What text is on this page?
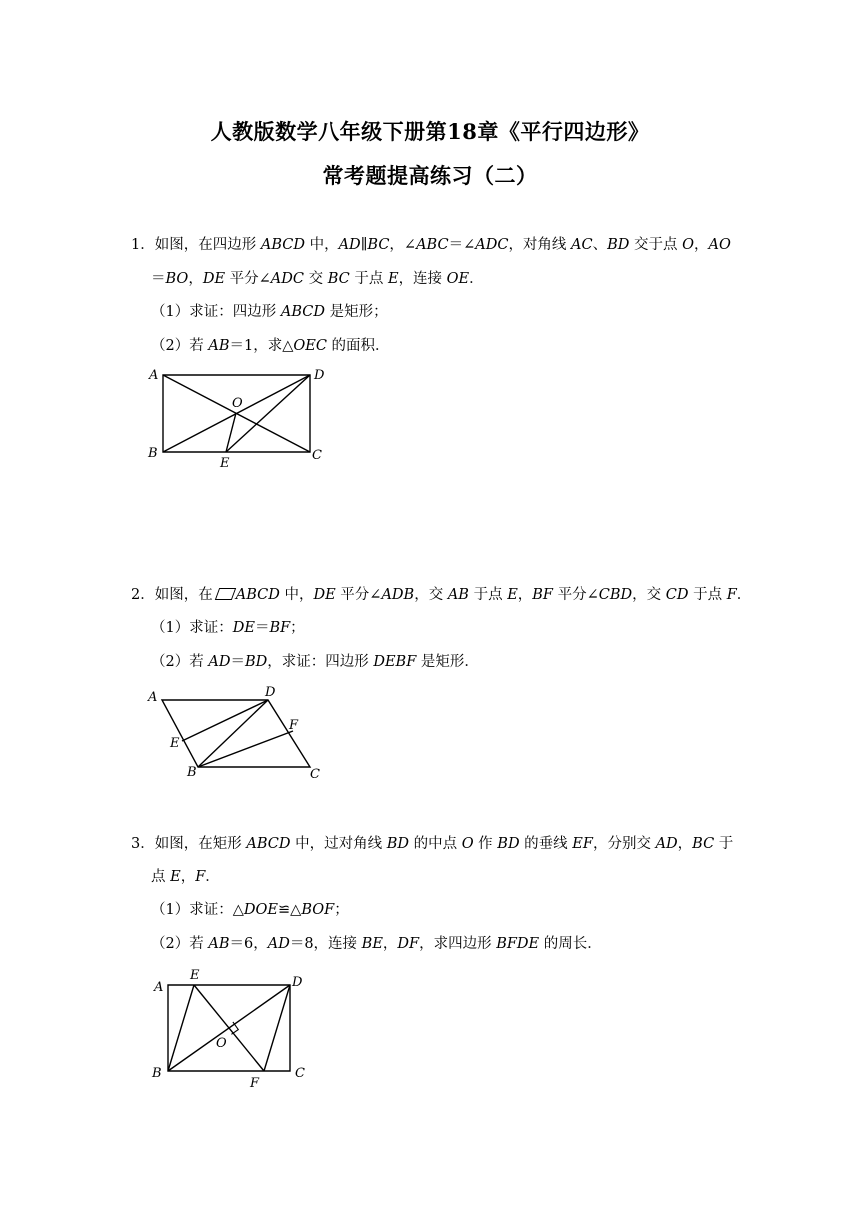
人教版数学八年级下册第18章《平行四边形》
常考题提高练习（二）
1．如图，在四边形 ABCD 中，AD∥BC，∠ABC＝∠ADC，对角线 AC、BD 交于点 O，AO
＝BO，DE 平分∠ADC 交 BC 于点 E，连接 OE．
（1）求证：四边形 ABCD 是矩形；
（2）若 AB＝1，求△OEC 的面积．
A	D
O
B	C
E
2．如图，在 ABCD 中，DE 平分∠ADB，交 AB 于点 E，BF 平分∠CBD，交 CD 于点 F．
（1）求证：DE＝BF；
（2）若 AD＝BD，求证：四边形 DEBF 是矩形．
A	D
F
E
B	C
3．如图，在矩形 ABCD 中，过对角线 BD 的中点 O 作 BD 的垂线 EF，分别交 AD，BC 于
点 E，F．
（1）求证：△DOE≌△BOF；
（2）若 AB＝6，AD＝8，连接 BE，DF，求四边形 BFDE 的周长．
A
E	D
O
B
F
C
